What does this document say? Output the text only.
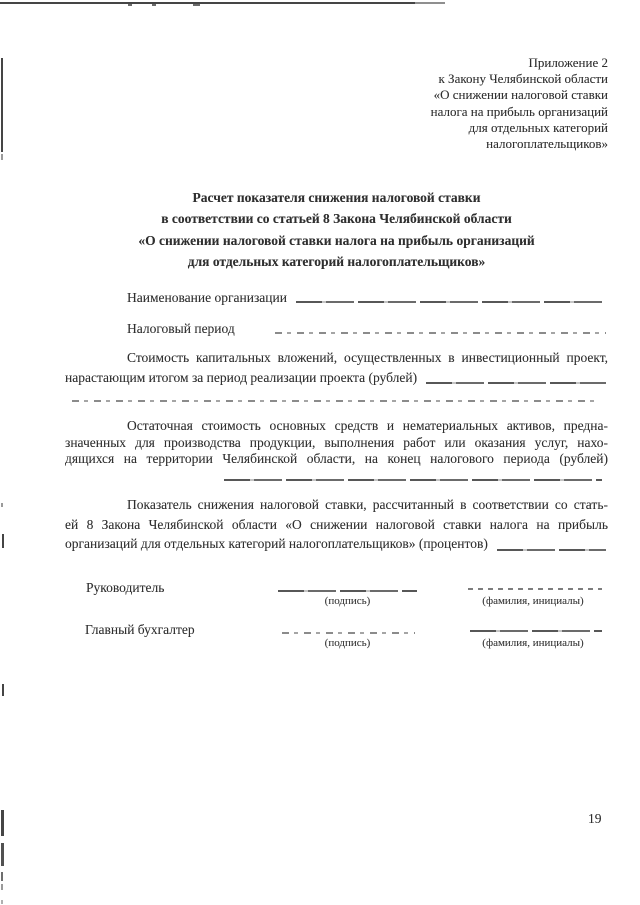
Приложение 2
к Закону Челябинской области
«О снижении налоговой ставки
налога на прибыль организаций
для отдельных категорий
налогоплательщиков»
Расчет показателя снижения налоговой ставки
в соответствии со статьей 8 Закона Челябинской области
«О снижении налоговой ставки налога на прибыль организаций
для отдельных категорий налогоплательщиков»
Наименование организации
Налоговый период
Стоимость капитальных вложений, осуществленных в инвестиционный проект,
нарастающим итогом за период реализации проекта (рублей)
Остаточная стоимость основных средств и нематериальных активов, предна-
значенных для производства продукции, выполнения работ или оказания услуг, нахо-
дящихся на территории Челябинской области, на конец налогового периода (рублей)
Показатель снижения налоговой ставки, рассчитанный в соответствии со стать-
ей 8 Закона Челябинской области «О снижении налоговой ставки налога на прибыль
организаций для отдельных категорий налогоплательщиков» (процентов)
Руководитель
(подпись)	(фамилия, инициалы)
Главный бухгалтер
(подпись)	(фамилия, инициалы)
19
